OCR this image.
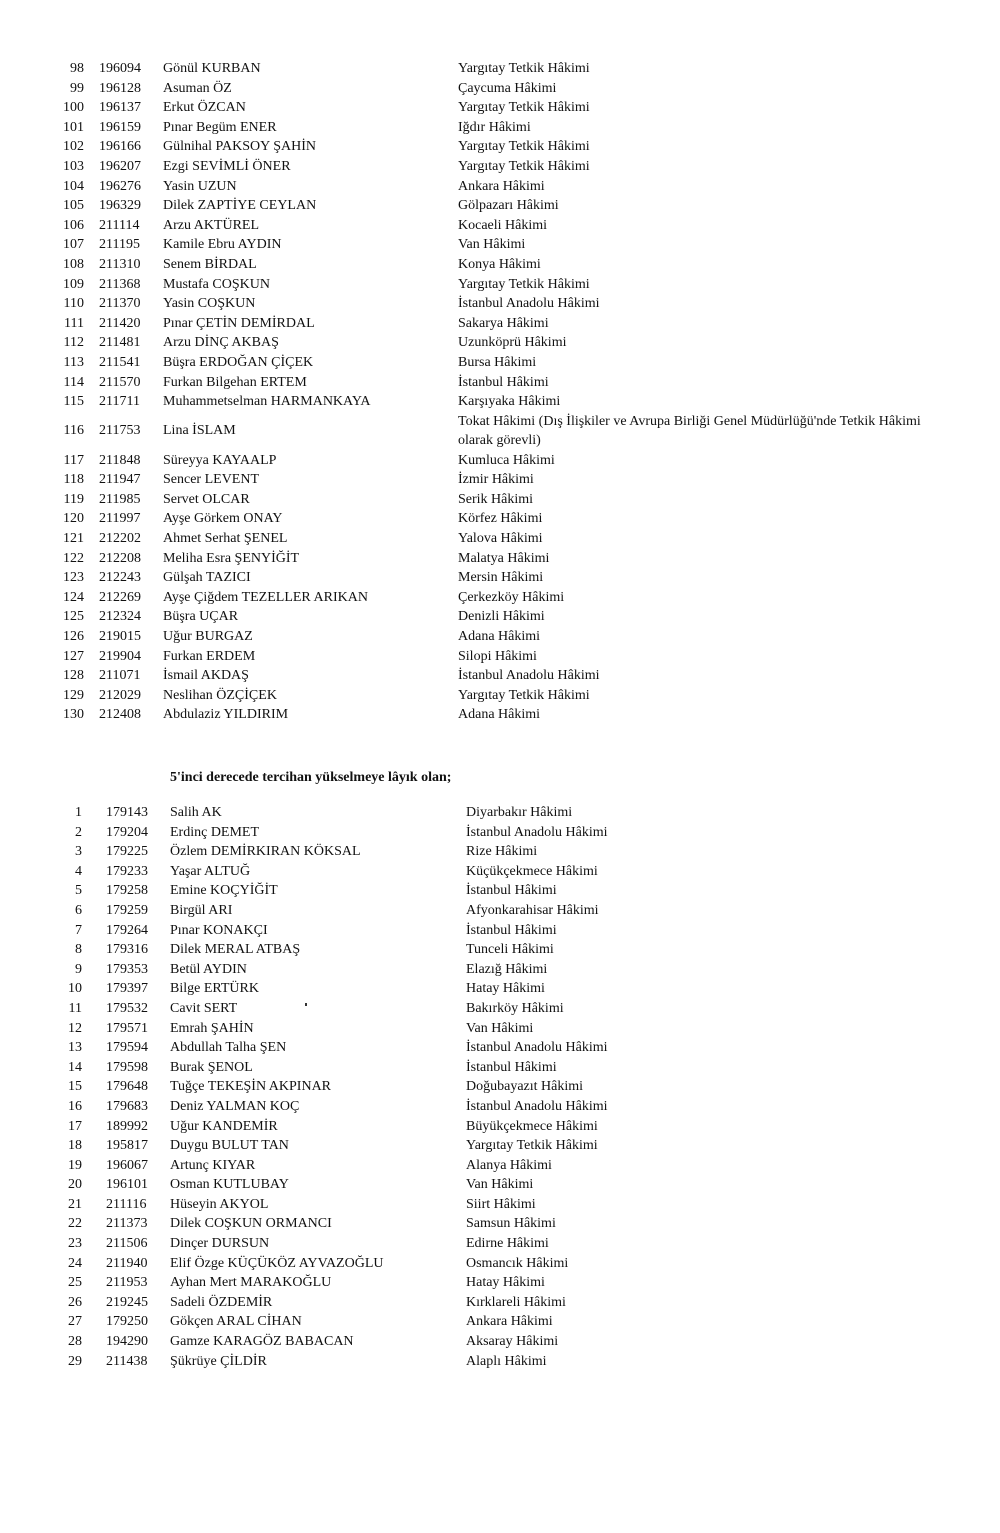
98 196094 Gönül KURBAN	Yargıtay Tetkik Hâkimi
99 196128 Asuman ÖZ	Çaycuma Hâkimi
100 196137 Erkut ÖZCAN	Yargıtay Tetkik Hâkimi
101 196159 Pınar Begüm ENER	Iğdır Hâkimi
102 196166 Gülnihal PAKSOY ŞAHİN	Yargıtay Tetkik Hâkimi
103 196207 Ezgi SEVİMLİ ÖNER	Yargıtay Tetkik Hâkimi
104 196276 Yasin UZUN	Ankara Hâkimi
105 196329 Dilek ZAPTİYE CEYLAN	Gölpazarı Hâkimi
106 211114 Arzu AKTÜREL	Kocaeli Hâkimi
107 211195 Kamile Ebru AYDIN	Van Hâkimi
108 211310 Senem BİRDAL	Konya Hâkimi
109 211368 Mustafa COŞKUN	Yargıtay Tetkik Hâkimi
110 211370 Yasin COŞKUN	İstanbul Anadolu Hâkimi
111 211420 Pınar ÇETİN DEMİRDAL	Sakarya Hâkimi
112 211481 Arzu DİNÇ AKBAŞ	Uzunköprü Hâkimi
113 211541 Büşra ERDOĞAN ÇİÇEK	Bursa Hâkimi
114 211570 Furkan Bilgehan ERTEM	İstanbul Hâkimi
115 211711 Muhammetselman HARMANKAYA	Karşıyaka Hâkimi
116 211753 Lina İSLAM
Tokat Hâkimi (Dış İlişkiler ve Avrupa Birliği Genel Müdürlüğü'nde Tetkik Hâkimi olarak görevli)
117 211848 Süreyya KAYAALP	Kumluca Hâkimi
118 211947 Sencer LEVENT	İzmir Hâkimi
119 211985 Servet OLCAR	Serik Hâkimi
120 211997 Ayşe Görkem ONAY	Körfez Hâkimi
121 212202 Ahmet Serhat ŞENEL	Yalova Hâkimi
122 212208 Meliha Esra ŞENYİĞİT	Malatya Hâkimi
123 212243 Gülşah TAZICI	Mersin Hâkimi
124 212269 Ayşe Çiğdem TEZELLER ARIKAN	Çerkezköy Hâkimi
125 212324 Büşra UÇAR	Denizli Hâkimi
126 219015 Uğur BURGAZ	Adana Hâkimi
127 219904 Furkan ERDEM	Silopi Hâkimi
128 211071 İsmail AKDAŞ	İstanbul Anadolu Hâkimi
129 212029 Neslihan ÖZÇİÇEK	Yargıtay Tetkik Hâkimi
130 212408 Abdulaziz YILDIRIM	Adana Hâkimi
5'inci derecede tercihan yükselmeye lâyık olan;
1 179143 Salih AK	Diyarbakır Hâkimi
2 179204 Erdinç DEMET	İstanbul Anadolu Hâkimi
3 179225 Özlem DEMİRKIRAN KÖKSAL	Rize Hâkimi
4 179233 Yaşar ALTUĞ	Küçükçekmece Hâkimi
5 179258 Emine KOÇYİĞİT	İstanbul Hâkimi
6 179259 Birgül ARI	Afyonkarahisar Hâkimi
7 179264 Pınar KONAKÇI	İstanbul Hâkimi
8 179316 Dilek MERAL ATBAŞ	Tunceli Hâkimi
9 179353 Betül AYDIN	Elazığ Hâkimi
10 179397 Bilge ERTÜRK	Hatay Hâkimi
11 179532 Cavit SERT	Bakırköy Hâkimi
12 179571 Emrah ŞAHİN	Van Hâkimi
13 179594 Abdullah Talha ŞEN	İstanbul Anadolu Hâkimi
14 179598 Burak ŞENOL	İstanbul Hâkimi
15 179648 Tuğçe TEKEŞİN AKPINAR	Doğubayazıt Hâkimi
16 179683 Deniz YALMAN KOÇ	İstanbul Anadolu Hâkimi
17 189992 Uğur KANDEMİR	Büyükçekmece Hâkimi
18 195817 Duygu BULUT TAN	Yargıtay Tetkik Hâkimi
19 196067 Artunç KIYAR	Alanya Hâkimi
20 196101 Osman KUTLUBAY	Van Hâkimi
21 211116 Hüseyin AKYOL	Siirt Hâkimi
22 211373 Dilek COŞKUN ORMANCI	Samsun Hâkimi
23 211506 Dinçer DURSUN	Edirne Hâkimi
24 211940 Elif Özge KÜÇÜKÖZ AYVAZOĞLU	Osmancık Hâkimi
25 211953 Ayhan Mert MARAKOĞLU	Hatay Hâkimi
26 219245 Sadeli ÖZDEMİR	Kırklareli Hâkimi
27 179250 Gökçen ARAL CİHAN	Ankara Hâkimi
28 194290 Gamze KARAGÖZ BABACAN	Aksaray Hâkimi
29 211438 Şükrüye ÇİLDİR	Alaplı Hâkimi
